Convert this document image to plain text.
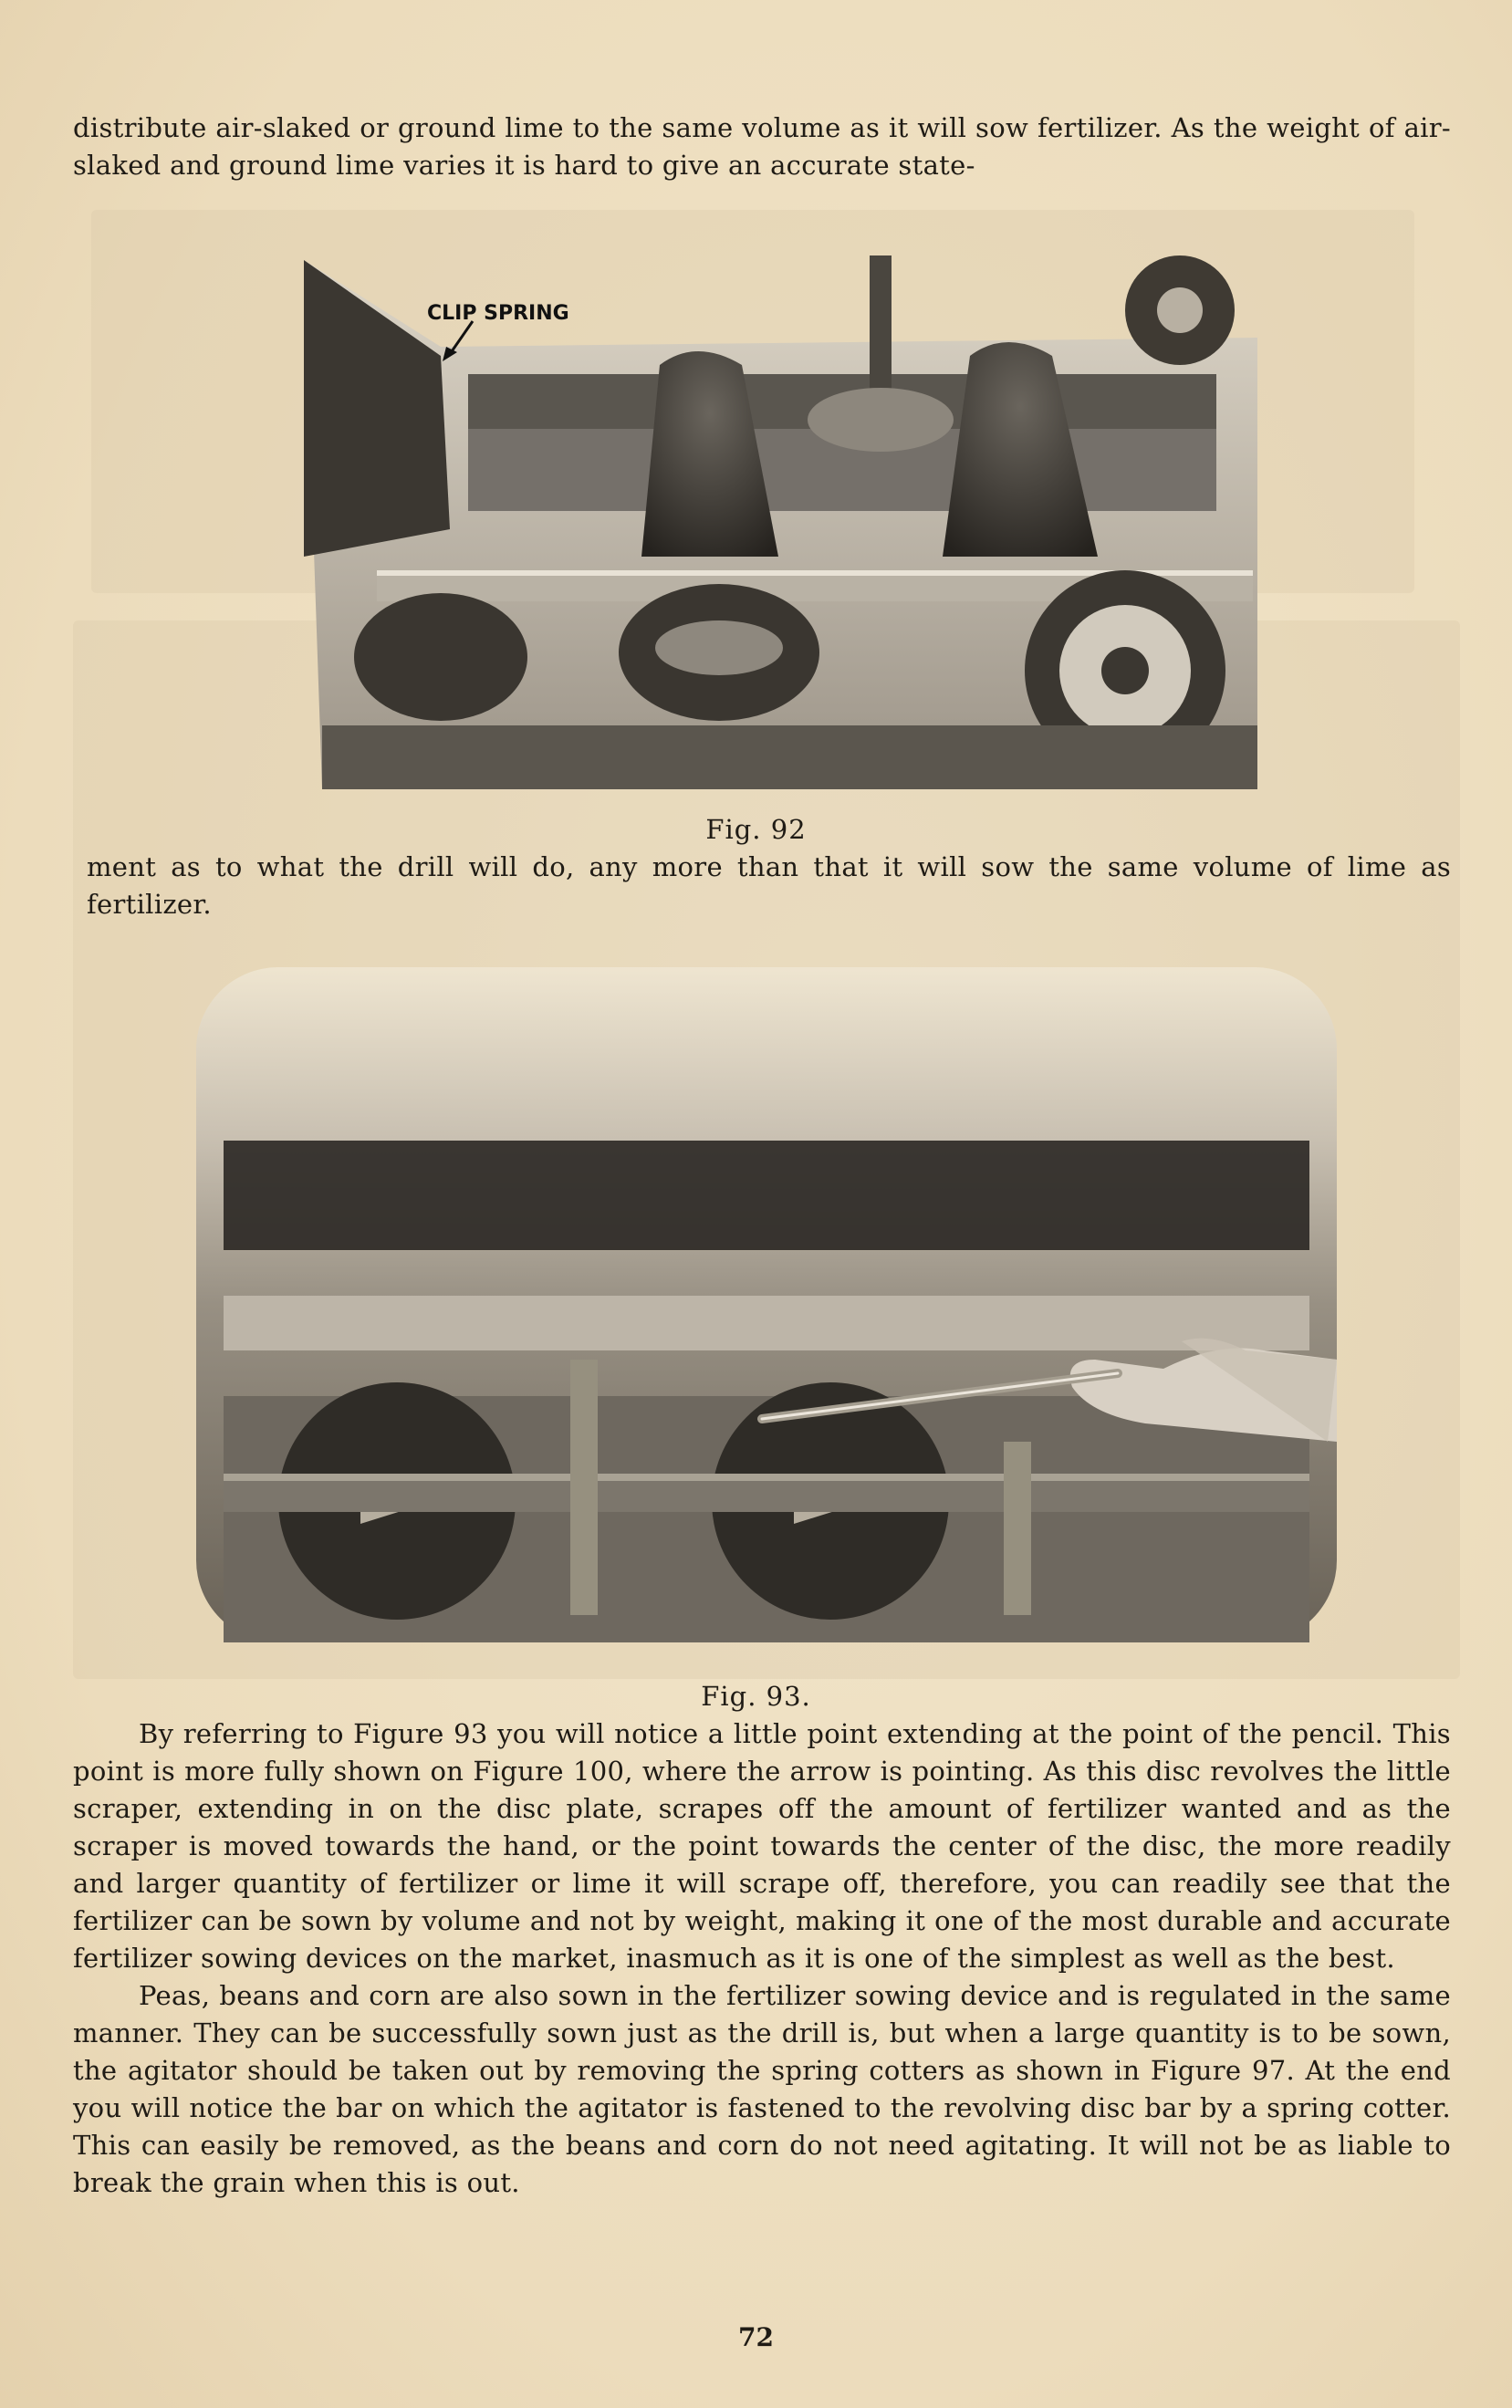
distribute air-slaked or ground lime to the same volume as it will sow fertilizer. As the weight of air-slaked and ground lime varies it is hard to give an accurate state-

CLIP SPRING
Fig. 92

ment as to what the drill will do, any more than that it will sow the same volume of lime as fertilizer.

Fig. 93.

By referring to Figure 93 you will notice a little point extending at the point of the pencil. This point is more fully shown on Figure 100, where the arrow is pointing. As this disc revolves the little scraper, extending in on the disc plate, scrapes off the amount of fertilizer wanted and as the scraper is moved towards the hand, or the point towards the center of the disc, the more readily and larger quantity of fertilizer or lime it will scrape off, therefore, you can readily see that the fertilizer can be sown by volume and not by weight, making it one of the most durable and accurate fertilizer sowing devices on the market, inasmuch as it is one of the simplest as well as the best.

Peas, beans and corn are also sown in the fertilizer sowing device and is regulated in the same manner. They can be successfully sown just as the drill is, but when a large quantity is to be sown, the agitator should be taken out by removing the spring cotters as shown in Figure 97. At the end you will notice the bar on which the agitator is fastened to the revolving disc bar by a spring cotter. This can easily be removed, as the beans and corn do not need agitating. It will not be as liable to break the grain when this is out.

72
